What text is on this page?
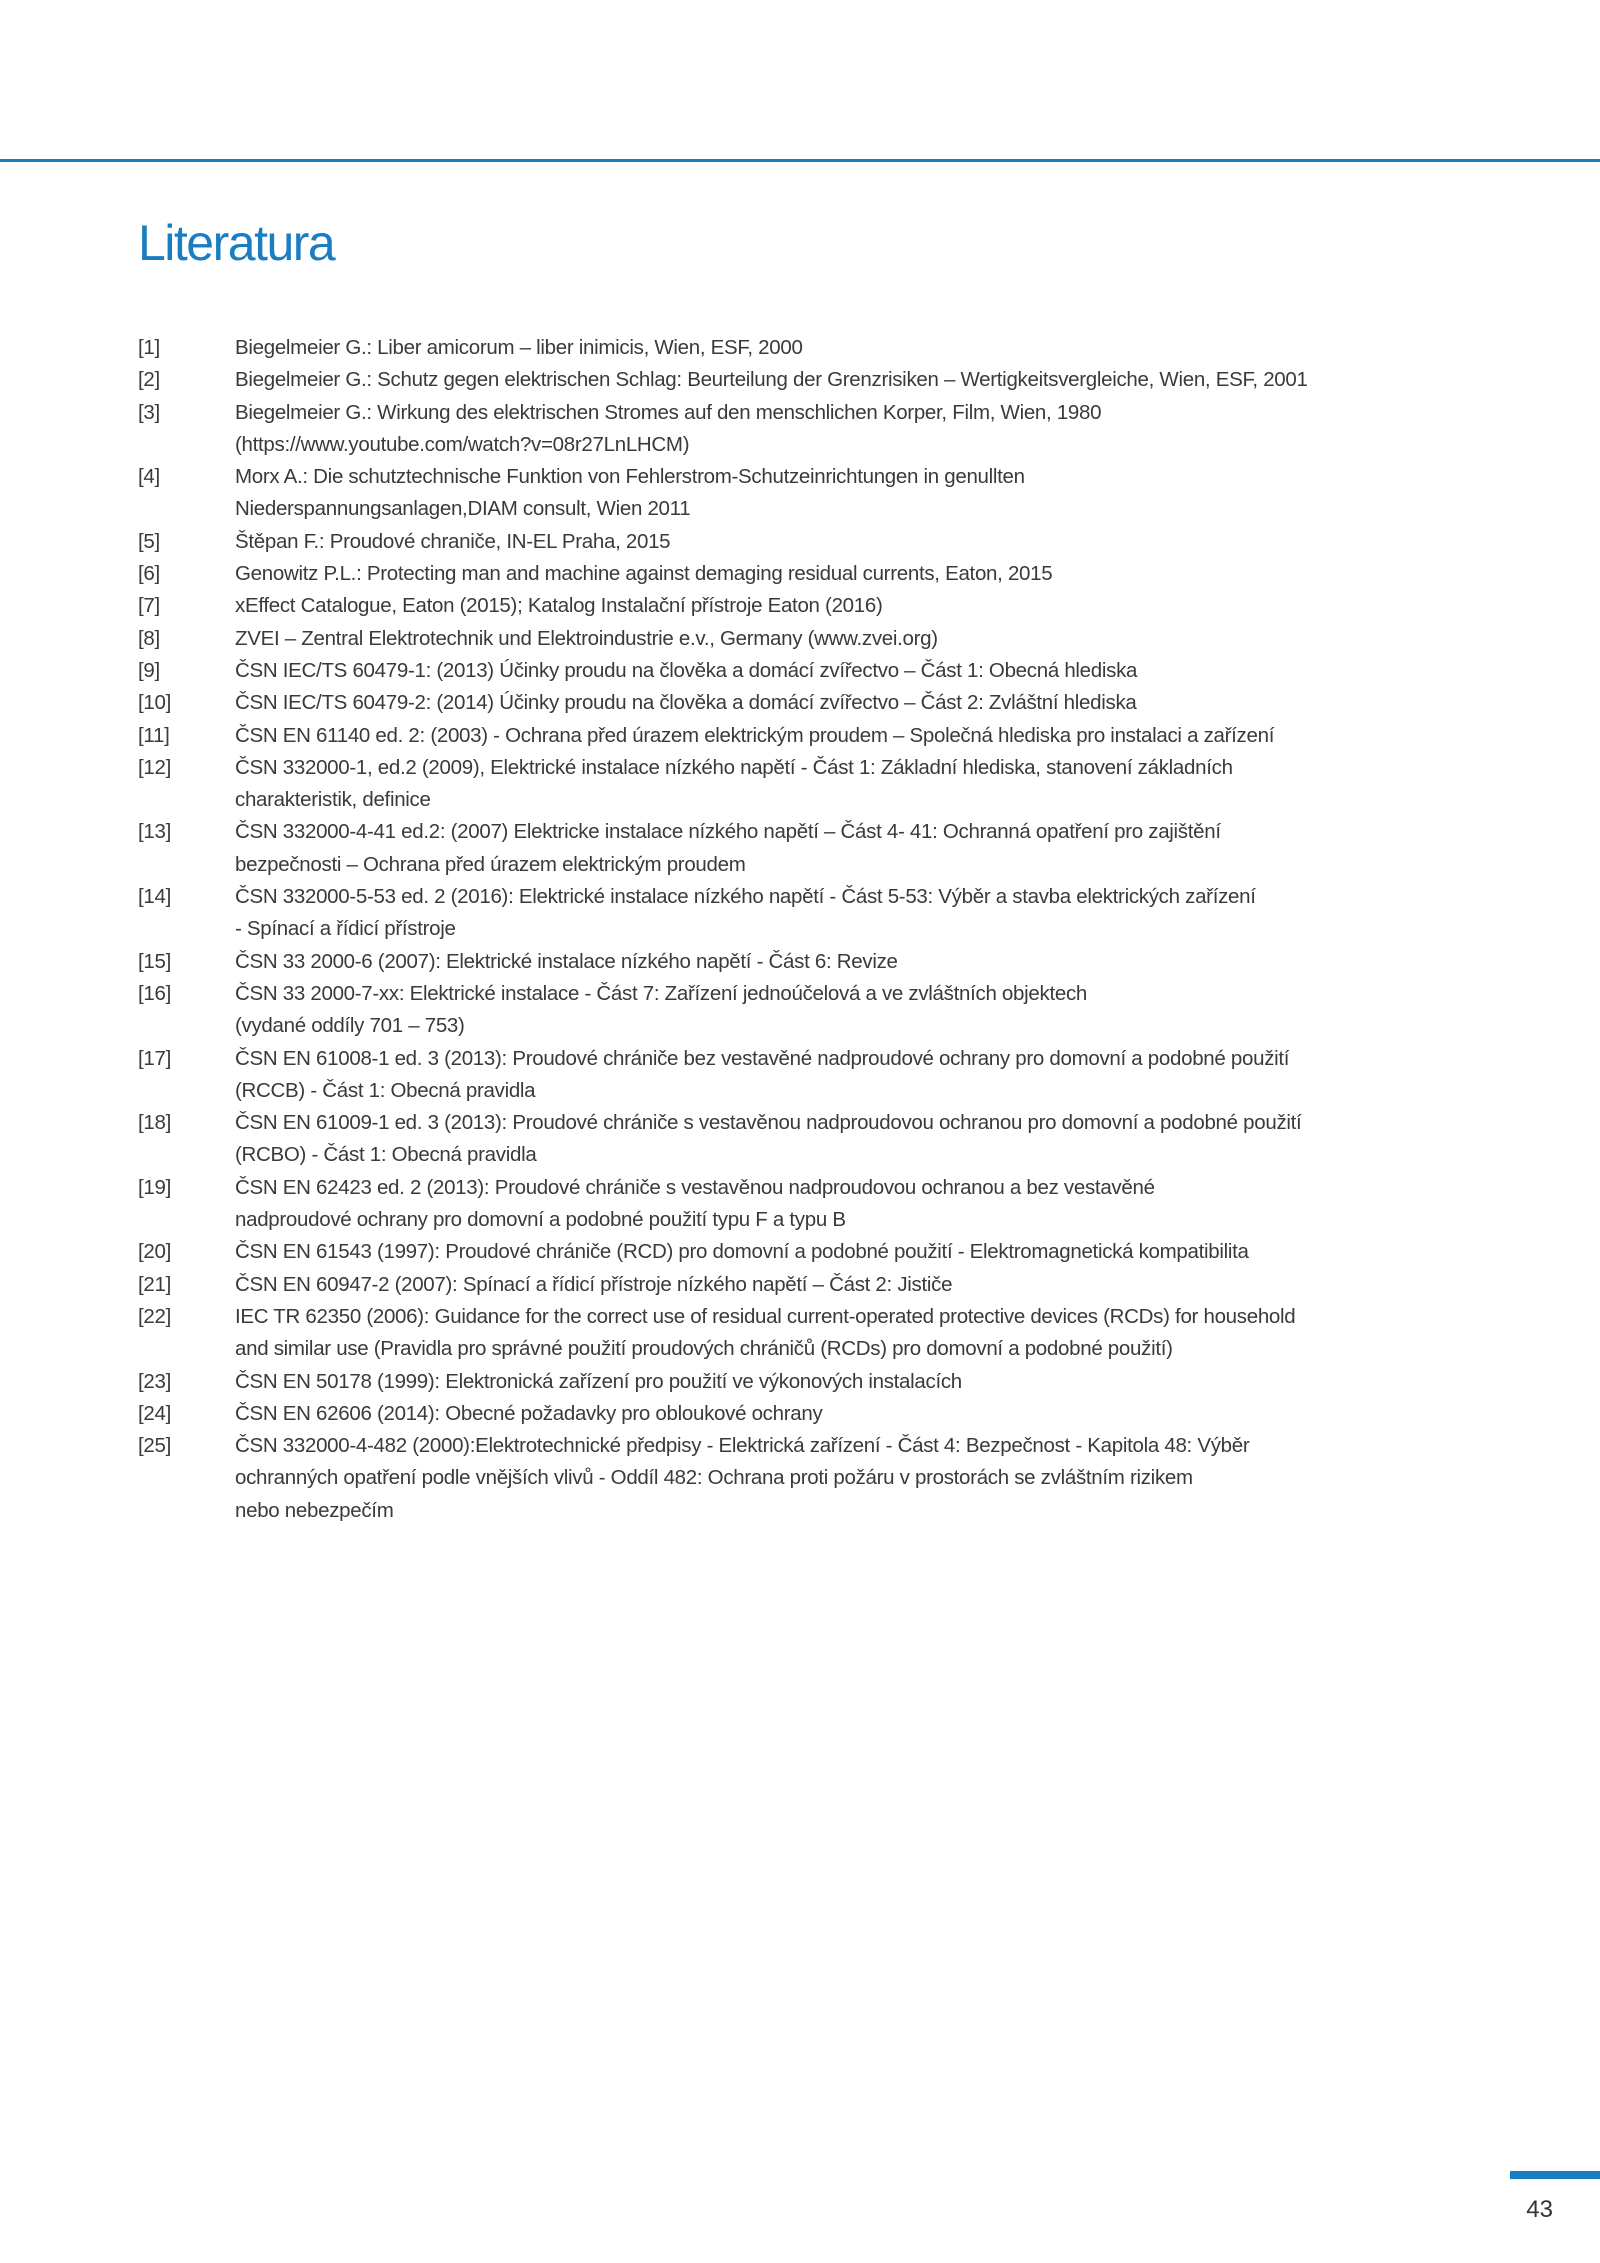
Literatura
[1]	Biegelmeier G.: Liber amicorum – liber inimicis, Wien, ESF, 2000
[2]	Biegelmeier G.: Schutz gegen elektrischen Schlag: Beurteilung der Grenzrisiken – Wertigkeitsvergleiche, Wien, ESF, 2001
[3]	Biegelmeier G.: Wirkung des elektrischen Stromes auf den menschlichen Korper, Film, Wien, 1980
(https://www.youtube.com/watch?v=08r27LnLHCM)
[4]	Morx A.: Die schutztechnische Funktion von Fehlerstrom-Schutzeinrichtungen in genullten
Niederspannungsanlagen,DIAM consult, Wien 2011
[5]	Štěpan F.: Proudové chraniče, IN-EL Praha, 2015
[6]	Genowitz P.L.: Protecting man and machine against demaging residual currents, Eaton, 2015
[7]	xEffect Catalogue, Eaton (2015); Katalog Instalační přístroje Eaton (2016)
[8]	ZVEI – Zentral Elektrotechnik und Elektroindustrie e.v., Germany (www.zvei.org)
[9]	ČSN IEC/TS 60479-1: (2013) Účinky proudu na člověka a domácí zvířectvo – Část 1: Obecná hlediska
[10]	ČSN IEC/TS 60479-2: (2014) Účinky proudu na člověka a domácí zvířectvo – Část 2: Zvláštní hlediska
[11]	ČSN EN 61140 ed. 2: (2003) - Ochrana před úrazem elektrickým proudem – Společná hlediska pro instalaci a zařízení
[12]	ČSN 332000-1, ed.2 (2009), Elektrické instalace nízkého napětí - Část 1: Základní hlediska, stanovení základních
charakteristik, definice
[13]	ČSN 332000-4-41 ed.2: (2007) Elektricke instalace nízkého napětí – Část 4- 41: Ochranná opatření pro zajištění
bezpečnosti – Ochrana před úrazem elektrickým proudem
[14]	ČSN 332000-5-53 ed. 2 (2016): Elektrické instalace nízkého napětí - Část 5-53: Výběr a stavba elektrických zařízení
- Spínací a řídicí přístroje
[15]	ČSN 33 2000-6 (2007): Elektrické instalace nízkého napětí - Část 6: Revize
[16]	ČSN 33 2000-7-xx: Elektrické instalace - Část 7: Zařízení jednoúčelová a ve zvláštních objektech
(vydané oddíly 701 – 753)
[17]	ČSN EN 61008-1 ed. 3 (2013): Proudové chrániče bez vestavěné nadproudové ochrany pro domovní a podobné použití
(RCCB) - Část 1: Obecná pravidla
[18]	ČSN EN 61009-1 ed. 3 (2013): Proudové chrániče s vestavěnou nadproudovou ochranou pro domovní a podobné použití
(RCBO) - Část 1: Obecná pravidla
[19]	ČSN EN 62423 ed. 2 (2013): Proudové chrániče s vestavěnou nadproudovou ochranou a bez vestavěné
nadproudové ochrany pro domovní a podobné použití typu F a typu B
[20]	ČSN EN 61543 (1997): Proudové chrániče (RCD) pro domovní a podobné použití - Elektromagnetická kompatibilita
[21]	ČSN EN 60947-2 (2007): Spínací a řídicí přístroje nízkého napětí – Část 2: Jističe
[22]	IEC TR 62350 (2006): Guidance for the correct use of residual current-operated protective devices (RCDs) for household
and similar use (Pravidla pro správné použití proudových chráničů (RCDs) pro domovní a podobné použití)
[23]	ČSN EN 50178 (1999): Elektronická zařízení pro použití ve výkonových instalacích
[24]	ČSN EN 62606 (2014): Obecné požadavky pro obloukové ochrany
[25]	ČSN 332000-4-482 (2000):Elektrotechnické předpisy - Elektrická zařízení - Část 4: Bezpečnost - Kapitola 48: Výběr
ochranných opatření podle vnějších vlivů - Oddíl 482: Ochrana proti požáru v prostorách se zvláštním rizikem
nebo nebezpečím
43
